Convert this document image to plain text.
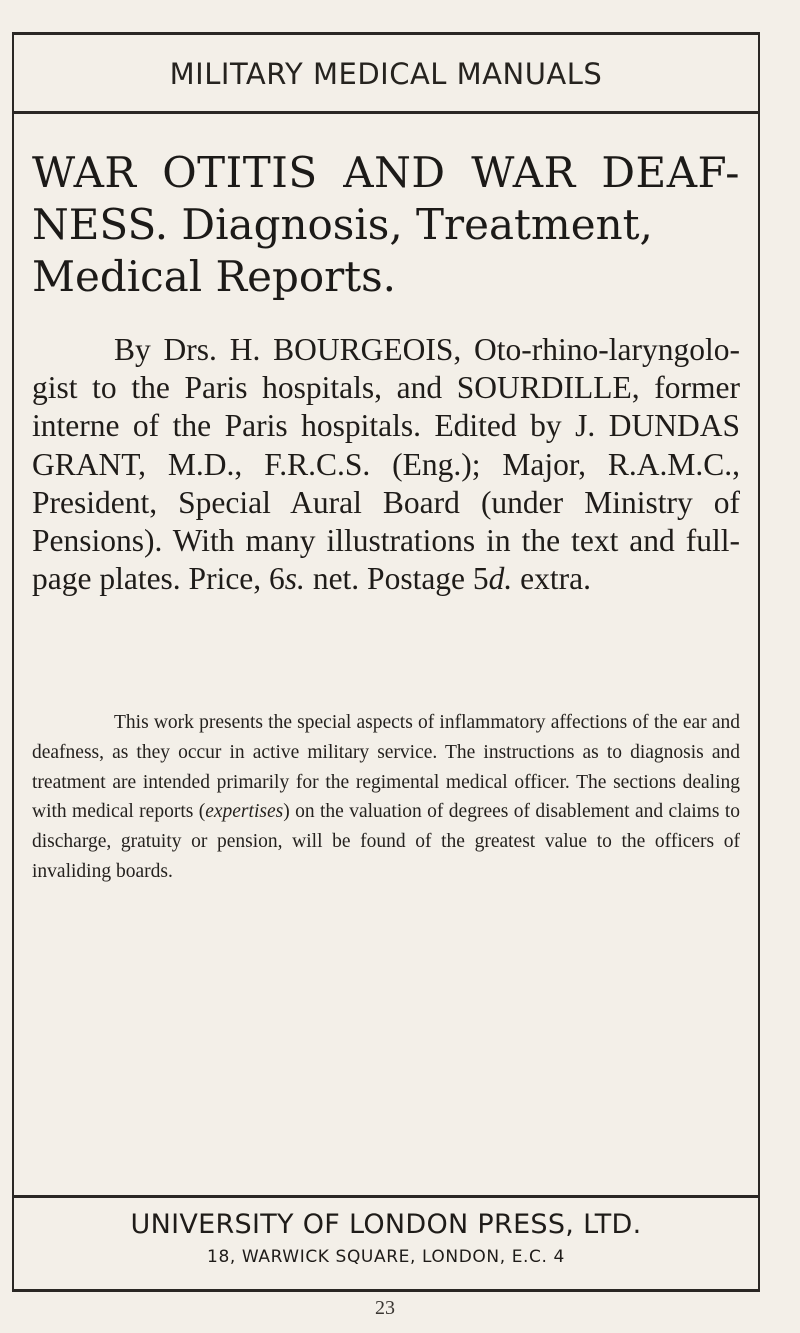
MILITARY MEDICAL MANUALS
WAR OTITIS AND WAR DEAF-
NESS. Diagnosis, Treatment, Medical Reports.
By Drs. H. BOURGEOIS, Oto-rhino-laryngolo-gist to the Paris hospitals, and SOURDILLE, former interne of the Paris hospitals. Edited by J. DUNDAS GRANT, M.D., F.R.C.S. (Eng.); Major, R.A.M.C., President, Special Aural Board (under Ministry of Pensions). With many illustrations in the text and full-page plates. Price, 6s. net. Postage 5d. extra.
This work presents the special aspects of inflammatory affections of the ear and deafness, as they occur in active military service. The instructions as to diagnosis and treatment are intended primarily for the regimental medical officer. The sections dealing with medical reports (expertises) on the valuation of degrees of disablement and claims to discharge, gratuity or pension, will be found of the greatest value to the officers of invaliding boards.
UNIVERSITY OF LONDON PRESS, LTD.
18, WARWICK SQUARE, LONDON, E.C. 4
23
